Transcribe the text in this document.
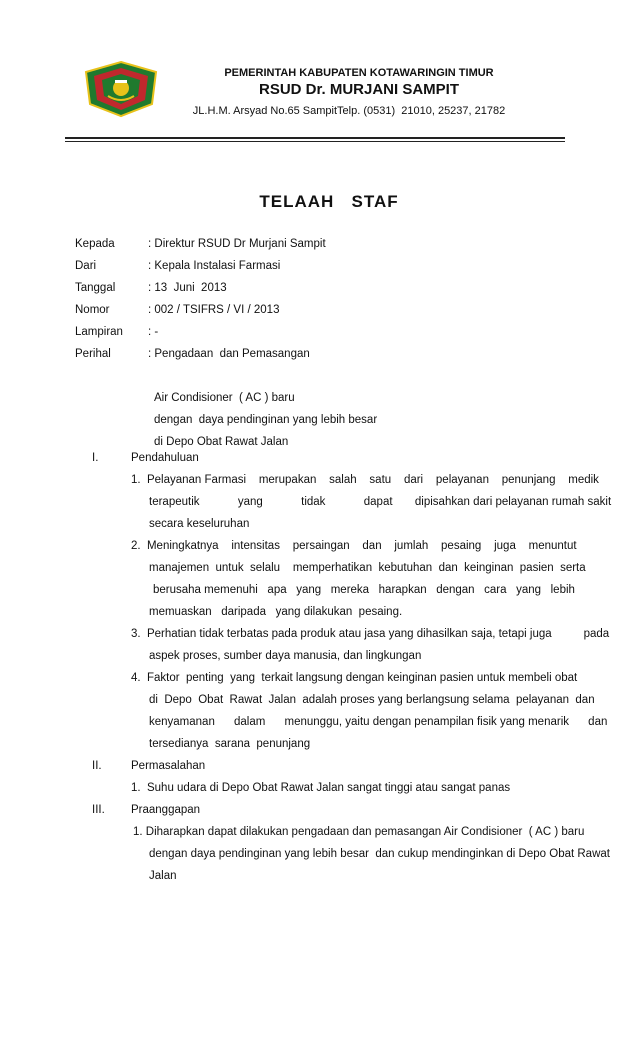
PEMERINTAH KABUPATEN KOTAWARINGIN TIMUR
RSUD Dr. MURJANI SAMPIT
JL.H.M. Arsyad No.65 SampitTelp. (0531)  21010, 25237, 21782
TELAAH   STAF
Kepada	: Direktur RSUD Dr Murjani Sampit
Dari	: Kepala Instalasi Farmasi
Tanggal	: 13  Juni  2013
Nomor	: 002 / TSIFRS / VI / 2013
Lampiran	: -
Perihal	: Pengadaan  dan Pemasangan
Air Condisioner  ( AC ) baru
dengan  daya pendinginan yang lebih besar
di Depo Obat Rawat Jalan
I.	Pendahuluan
1.  Pelayanan Farmasi    merupakan    salah    satu    dari    pelayanan    penunjang    medik
terapeutik            yang            tidak            dapat       dipisahkan dari pelayanan rumah sakit
secara keseluruhan
2.  Meningkatnya    intensitas    persaingan    dan    jumlah    pesaing    juga    menuntut
manajemen  untuk  selalu    memperhatikan  kebutuhan  dan  keinginan  pasien  serta
berusaha memenuhi   apa   yang   mereka   harapkan   dengan   cara   yang   lebih
memuaskan   daripada   yang dilakukan  pesaing.
3.  Perhatian tidak terbatas pada produk atau jasa yang dihasilkan saja, tetapi juga          pada
aspek proses, sumber daya manusia, dan lingkungan
4.  Faktor  penting  yang  terkait langsung dengan keinginan pasien untuk membeli obat
di  Depo  Obat  Rawat  Jalan  adalah proses yang berlangsung selama  pelayanan  dan
kenyamanan      dalam      menunggu, yaitu dengan penampilan fisik yang menarik      dan
tersedianya  sarana  penunjang
II.	Permasalahan
1.  Suhu udara di Depo Obat Rawat Jalan sangat tinggi atau sangat panas
III. Praanggapan
1. Diharapkan dapat dilakukan pengadaan dan pemasangan Air Condisioner  ( AC ) baru
dengan daya pendinginan yang lebih besar  dan cukup mendinginkan di Depo Obat Rawat
Jalan
